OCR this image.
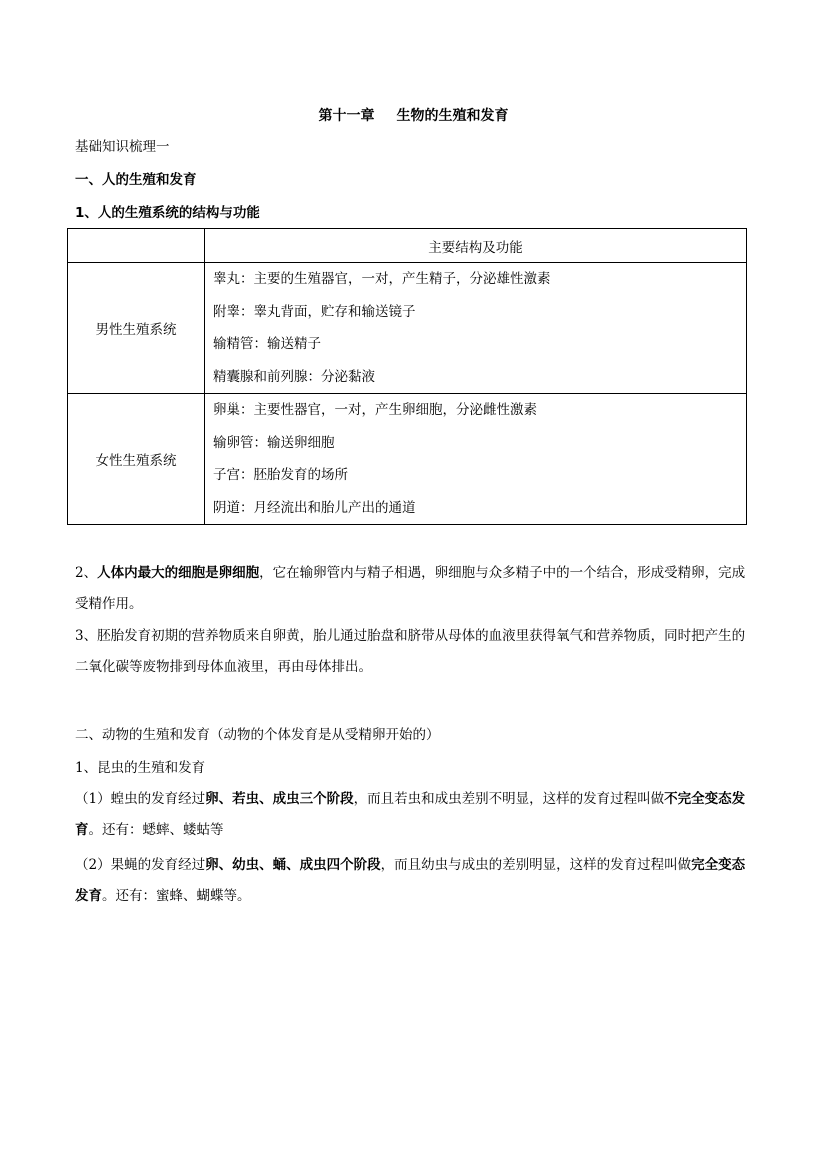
第十一章 生物的生殖和发育
基础知识梳理一
一、人的生殖和发育
1、人的生殖系统的结构与功能
	主要结构及功能
男性生殖系统	睾丸：主要的生殖器官，一对，产生精子，分泌雄性激素
附睾：睾丸背面，贮存和输送镜子
输精管：输送精子
精囊腺和前列腺：分泌黏液

女性生殖系统	卵巢：主要性器官，一对，产生卵细胞，分泌雌性激素
输卵管：输送卵细胞
子宫：胚胎发育的场所
阴道：月经流出和胎儿产出的通道
2、人体内最大的细胞是卵细胞，它在输卵管内与精子相遇，卵细胞与众多精子中的一个结合，形成受精卵，完成受精作用。
3、胚胎发育初期的营养物质来自卵黄，胎儿通过胎盘和脐带从母体的血液里获得氧气和营养物质，同时把产生的二氧化碳等废物排到母体血液里，再由母体排出。
二、动物的生殖和发育（动物的个体发育是从受精卵开始的）
1、昆虫的生殖和发育
（1）蝗虫的发育经过卵、若虫、成虫三个阶段，而且若虫和成虫差别不明显，这样的发育过程叫做不完全变态发育。还有：蟋蟀、蝼蛄等
（2）果蝇的发育经过卵、幼虫、蛹、成虫四个阶段，而且幼虫与成虫的差别明显，这样的发育过程叫做完全变态发育。还有：蜜蜂、蝴蝶等。
